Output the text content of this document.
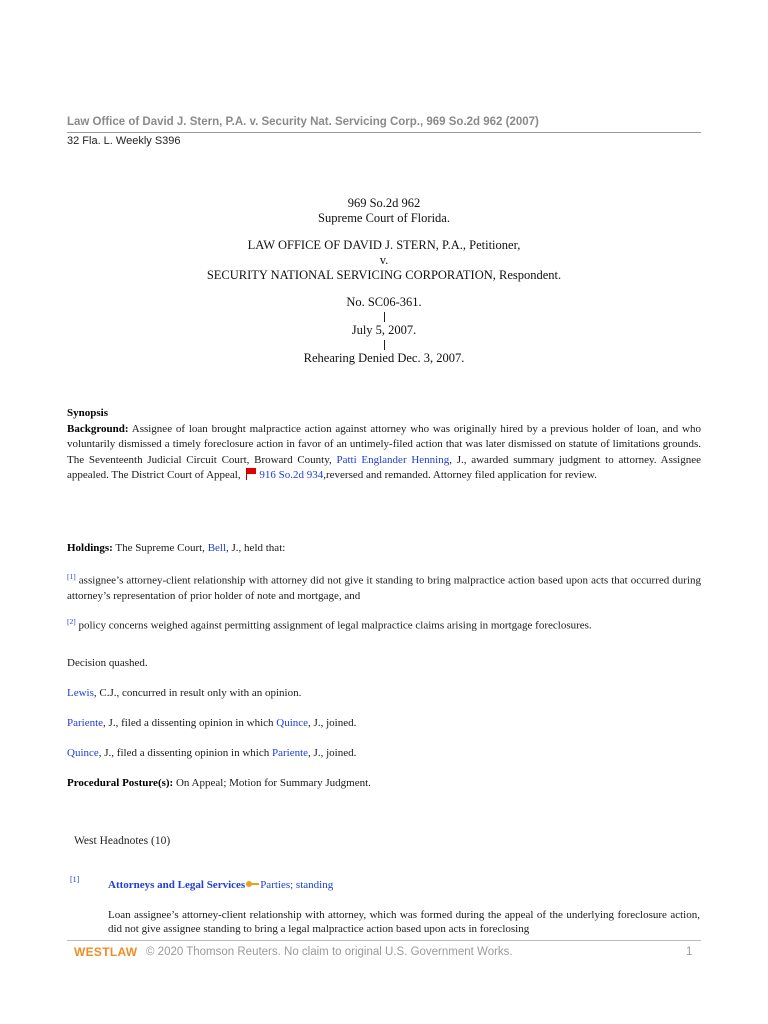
Law Office of David J. Stern, P.A. v. Security Nat. Servicing Corp., 969 So.2d 962 (2007)
32 Fla. L. Weekly S396
969 So.2d 962
Supreme Court of Florida.
LAW OFFICE OF DAVID J. STERN, P.A., Petitioner,
v.
SECURITY NATIONAL SERVICING CORPORATION, Respondent.
No. SC06-361.
July 5, 2007.
Rehearing Denied Dec. 3, 2007.
Synopsis
Background: Assignee of loan brought malpractice action against attorney who was originally hired by a previous holder of loan, and who voluntarily dismissed a timely foreclosure action in favor of an untimely-filed action that was later dismissed on statute of limitations grounds. The Seventeenth Judicial Circuit Court, Broward County, Patti Englander Henning, J., awarded summary judgment to attorney. Assignee appealed. The District Court of Appeal, 916 So.2d 934,reversed and remanded. Attorney filed application for review.
Holdings: The Supreme Court, Bell, J., held that:
[1] assignee’s attorney-client relationship with attorney did not give it standing to bring malpractice action based upon acts that occurred during attorney’s representation of prior holder of note and mortgage, and
[2] policy concerns weighed against permitting assignment of legal malpractice claims arising in mortgage foreclosures.
Decision quashed.
Lewis, C.J., concurred in result only with an opinion.
Pariente, J., filed a dissenting opinion in which Quince, J., joined.
Quince, J., filed a dissenting opinion in which Pariente, J., joined.
Procedural Posture(s): On Appeal; Motion for Summary Judgment.
West Headnotes (10)
[1]	Attorneys and Legal Services Parties; standing
Loan assignee’s attorney-client relationship with attorney, which was formed during the appeal of the underlying foreclosure action, did not give assignee standing to bring a legal malpractice action based upon acts in foreclosing
WESTLAW © 2020 Thomson Reuters. No claim to original U.S. Government Works.	1
